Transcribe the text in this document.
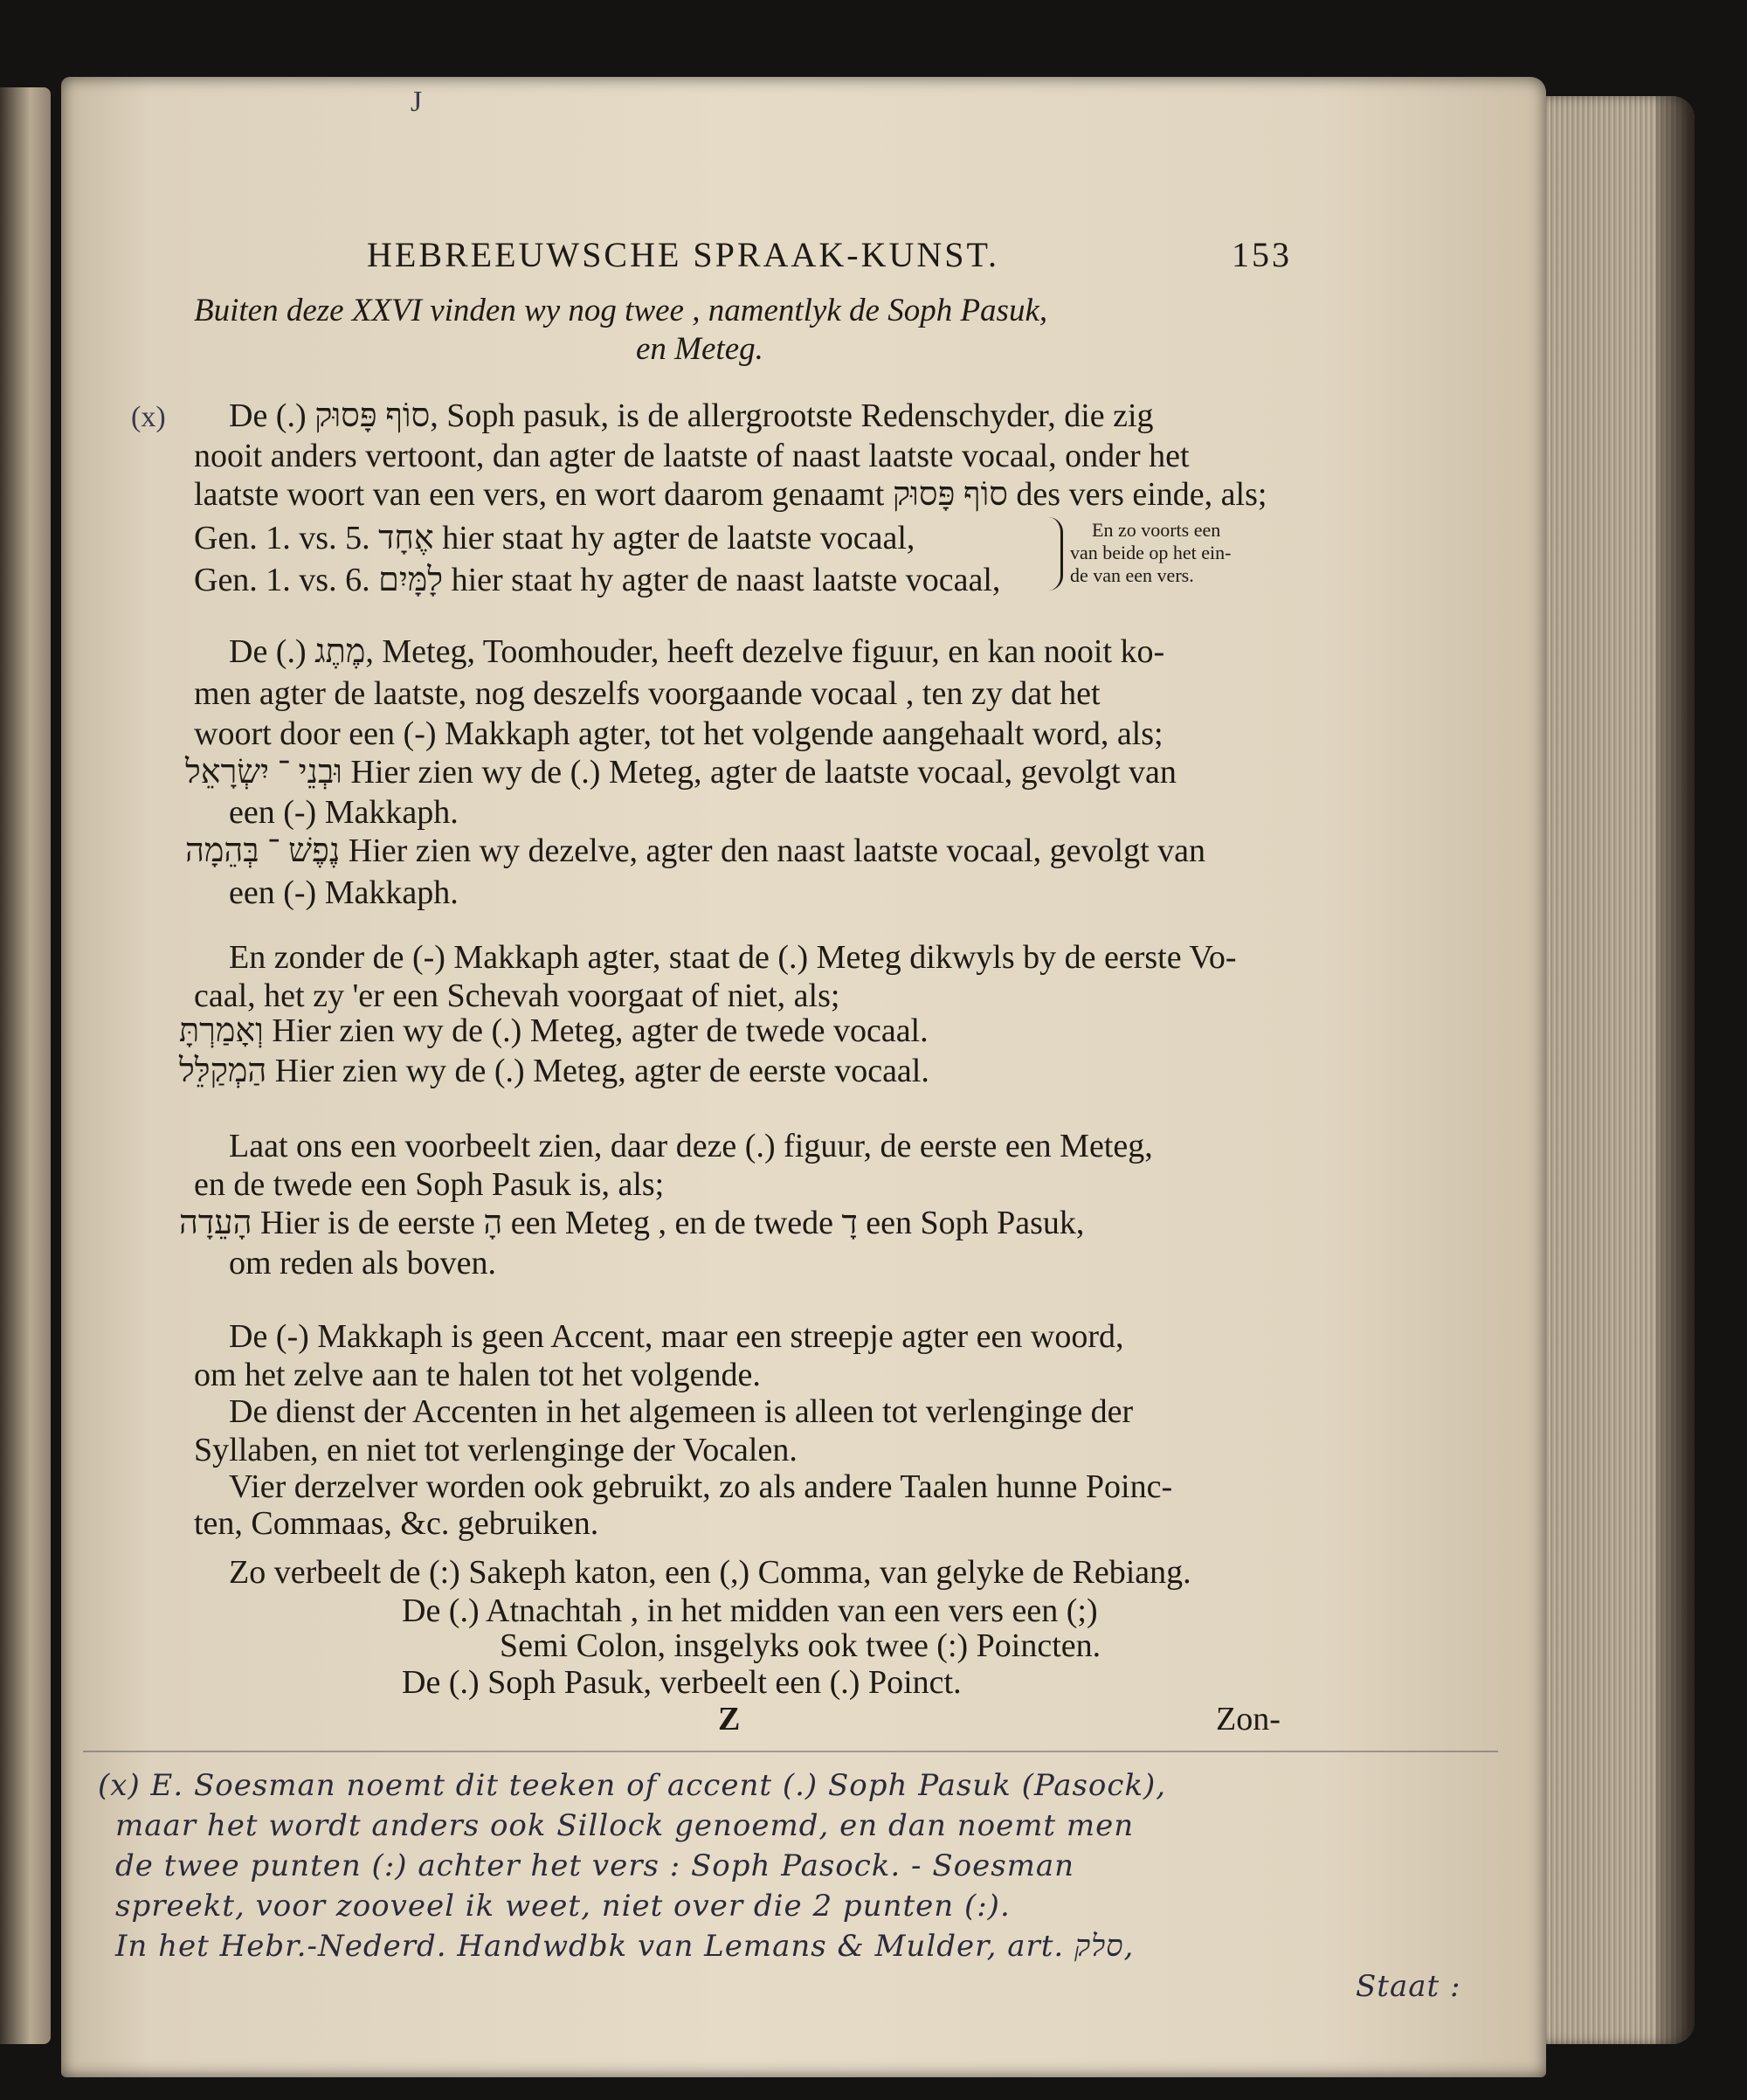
J
HEBREEUWSCHE SPRAAK-KUNST.	153
Buiten deze XXVI vinden wy nog twee , namentlyk de Soph Pasuk,
en Meteg.
(x) De (.) סוֹף פָּסוּק, Soph pasuk, is de allergrootste Redenschyder, die zig
nooit anders vertoont, dan agter de laatste of naast laatste vocaal, onder het
laatste woort van een vers, en wort daarom genaamt סוֹף פָּסוּק des vers einde, als;
Gen. 1. vs. 5. אֶחָד hier staat hy agter de laatste vocaal,
Gen. 1. vs. 6. לָמָּיִם hier staat hy agter de naast laatste vocaal,
En zo voorts een
van beide op het ein-
de van een vers.
De (.) מֶתֶג, Meteg, Toomhouder, heeft dezelve figuur, en kan nooit ko-
men agter de laatste, nog deszelfs voorgaande vocaal , ten zy dat het
woort door een (-) Makkaph agter, tot het volgende aangehaalt word, als;
וּבְנֵי ־ יִשְׂרָאֵל Hier zien wy de (.) Meteg, agter de laatste vocaal, gevolgt van
een (-) Makkaph.
נֶפֶשׁ ־ בְּהֵמָה Hier zien wy dezelve, agter den naast laatste vocaal, gevolgt van
een (-) Makkaph.
En zonder de (-) Makkaph agter, staat de (.) Meteg dikwyls by de eerste Vo-
caal, het zy 'er een Schevah voorgaat of niet, als;
וְאָמַרְתָּ Hier zien wy de (.) Meteg, agter de twede vocaal.
הַמְקַלֵּל Hier zien wy de (.) Meteg, agter de eerste vocaal.
Laat ons een voorbeelt zien, daar deze (.) figuur, de eerste een Meteg,
en de twede een Soph Pasuk is, als;
הָעֵדָה Hier is de eerste הָ een Meteg , en de twede דָ een Soph Pasuk,
om reden als boven.
De (-) Makkaph is geen Accent, maar een streepje agter een woord,
om het zelve aan te halen tot het volgende.
De dienst der Accenten in het algemeen is alleen tot verlenginge der
Syllaben, en niet tot verlenginge der Vocalen.
Vier derzelver worden ook gebruikt, zo als andere Taalen hunne Poinc-
ten, Commaas, &c. gebruiken.
Zo verbeelt de (:) Sakeph katon, een (,) Comma, van gelyke de Rebiang.
De (.) Atnachtah , in het midden van een vers een (;)
Semi Colon, insgelyks ook twee (:) Poincten.
De (.) Soph Pasuk, verbeelt een (.) Poinct.
Z	Zon-
(x) E. Soesman noemt dit teeken of accent (.) Soph Pasuk (Pasock),
maar het wordt anders ook Sillock genoemd, en dan noemt men
de twee punten (:) achter het vers : Soph Pasock. - Soesman
spreekt, voor zooveel ik weet, niet over die 2 punten (:).
In het Hebr.-Nederd. Handwdbk van Lemans & Mulder, art. סלק,
Staat :
